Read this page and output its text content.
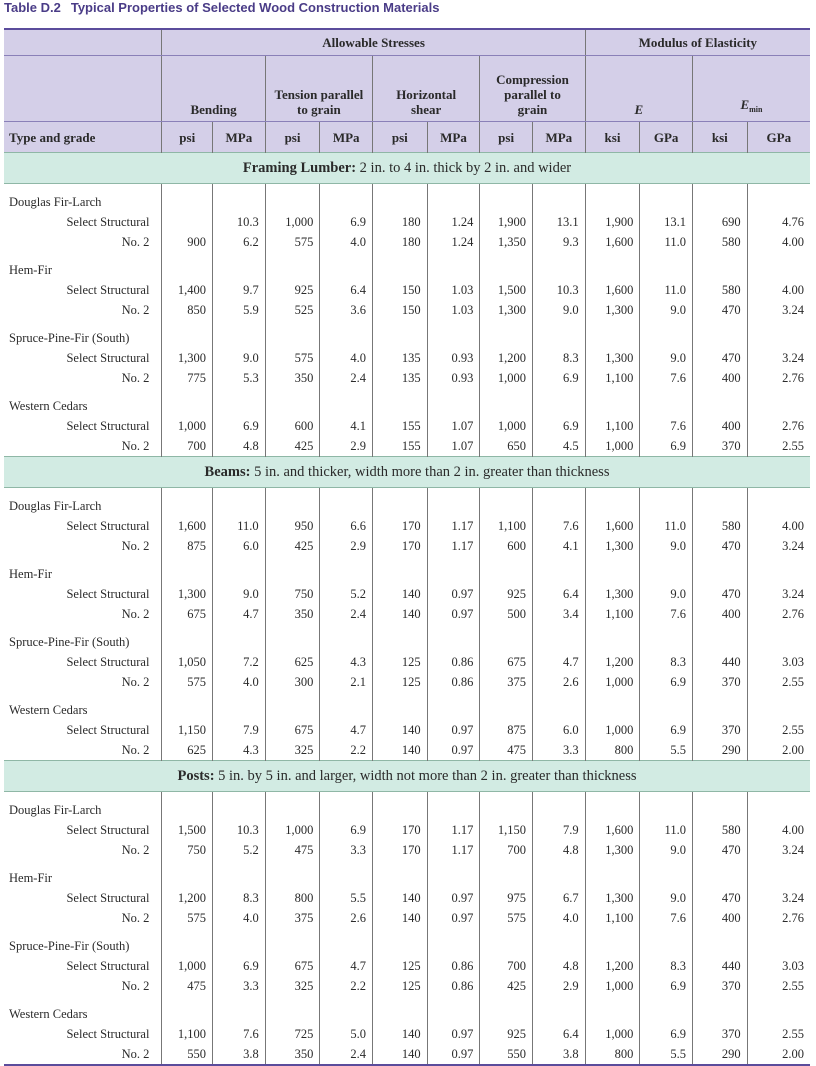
Table D.2 Typical Properties of Selected Wood Construction Materials
	Allowable Stresses								Modulus of Elasticity			
	Bending		Tension parallel to grain		Horizontal shear		Compression parallel to grain		E		$E_{min}$
Type and grade	psi	MPa	psi	MPa	psi	MPa	psi	MPa	ksi	GPa	ksi	GPa
Framing Lumber: 2 in. to 4 in. thick by 2 in. and wider												
Douglas Fir-Larch												
Select Structural		10.3	1,000	6.9	180	1.24	1,900	13.1	1,900	13.1	690	4.76
No. 2	900	6.2	575	4.0	180	1.24	1,350	9.3	1,600	11.0	580	4.00
Hem-Fir												
Select Structural	1,400	9.7	925	6.4	150	1.03	1,500	10.3	1,600	11.0	580	4.00
No. 2	850	5.9	525	3.6	150	1.03	1,300	9.0	1,300	9.0	470	3.24
Spruce-Pine-Fir (South)												
Select Structural	1,300	9.0	575	4.0	135	0.93	1,200	8.3	1,300	9.0	470	3.24
No. 2	775	5.3	350	2.4	135	0.93	1,000	6.9	1,100	7.6	400	2.76
Western Cedars												
Select Structural	1,000	6.9	600	4.1	155	1.07	1,000	6.9	1,100	7.6	400	2.76
No. 2	700	4.8	425	2.9	155	1.07	650	4.5	1,000	6.9	370	2.55
Beams: 5 in. and thicker, width more than 2 in. greater than thickness												
Douglas Fir-Larch												
Select Structural	1,600	11.0	950	6.6	170	1.17	1,100	7.6	1,600	11.0	580	4.00
No. 2	875	6.0	425	2.9	170	1.17	600	4.1	1,300	9.0	470	3.24
Hem-Fir												
Select Structural	1,300	9.0	750	5.2	140	0.97	925	6.4	1,300	9.0	470	3.24
No. 2	675	4.7	350	2.4	140	0.97	500	3.4	1,100	7.6	400	2.76
Spruce-Pine-Fir (South)												
Select Structural	1,050	7.2	625	4.3	125	0.86	675	4.7	1,200	8.3	440	3.03
No. 2	575	4.0	300	2.1	125	0.86	375	2.6	1,000	6.9	370	2.55
Western Cedars												
Select Structural	1,150	7.9	675	4.7	140	0.97	875	6.0	1,000	6.9	370	2.55
No. 2	625	4.3	325	2.2	140	0.97	475	3.3	800	5.5	290	2.00
Posts: 5 in. by 5 in. and larger, width not more than 2 in. greater than thickness												
Douglas Fir-Larch												
Select Structural	1,500	10.3	1,000	6.9	170	1.17	1,150	7.9	1,600	11.0	580	4.00
No. 2	750	5.2	475	3.3	170	1.17	700	4.8	1,300	9.0	470	3.24
Hem-Fir												
Select Structural	1,200	8.3	800	5.5	140	0.97	975	6.7	1,300	9.0	470	3.24
No. 2	575	4.0	375	2.6	140	0.97	575	4.0	1,100	7.6	400	2.76
Spruce-Pine-Fir (South)												
Select Structural	1,000	6.9	675	4.7	125	0.86	700	4.8	1,200	8.3	440	3.03
No. 2	475	3.3	325	2.2	125	0.86	425	2.9	1,000	6.9	370	2.55
Western Cedars												
Select Structural	1,100	7.6	725	5.0	140	0.97	925	6.4	1,000	6.9	370	2.55
No. 2	550	3.8	350	2.4	140	0.97	550	3.8	800	5.5	290	2.00
